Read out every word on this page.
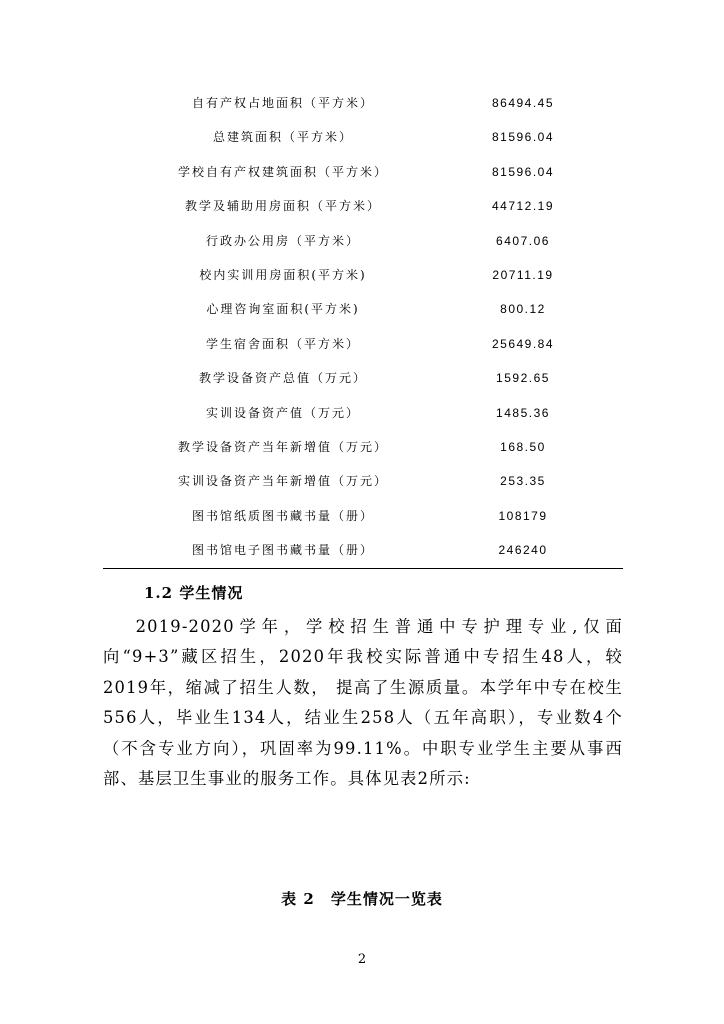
自有产权占地面积（平方米）	86494.45
总建筑面积（平方米）	81596.04
学校自有产权建筑面积（平方米）	81596.04
教学及辅助用房面积（平方米）	44712.19
行政办公用房（平方米）	6407.06
校内实训用房面积(平方米)	20711.19
心理咨询室面积(平方米)	800.12
学生宿舍面积（平方米）	25649.84
教学设备资产总值（万元）	1592.65
实训设备资产值（万元）	1485.36
教学设备资产当年新增值（万元）	168.50
实训设备资产当年新增值（万元）	253.35
图书馆纸质图书藏书量（册）	108179
图书馆电子图书藏书量（册）	246240
1.2 学生情况

2019-2020学年，学校招生普通中专护理专业,仅面向“9+3”藏区招生，2020年我校实际普通中专招生48人，较2019年，缩减了招生人数， 提高了生源质量。本学年中专在校生556人，毕业生134人，结业生258人（五年高职），专业数4个（不含专业方向），巩固率为99.11%。中职专业学生主要从事西部、基层卫生事业的服务工作。具体见表2所示:

表 2　学生情况一览表
2
